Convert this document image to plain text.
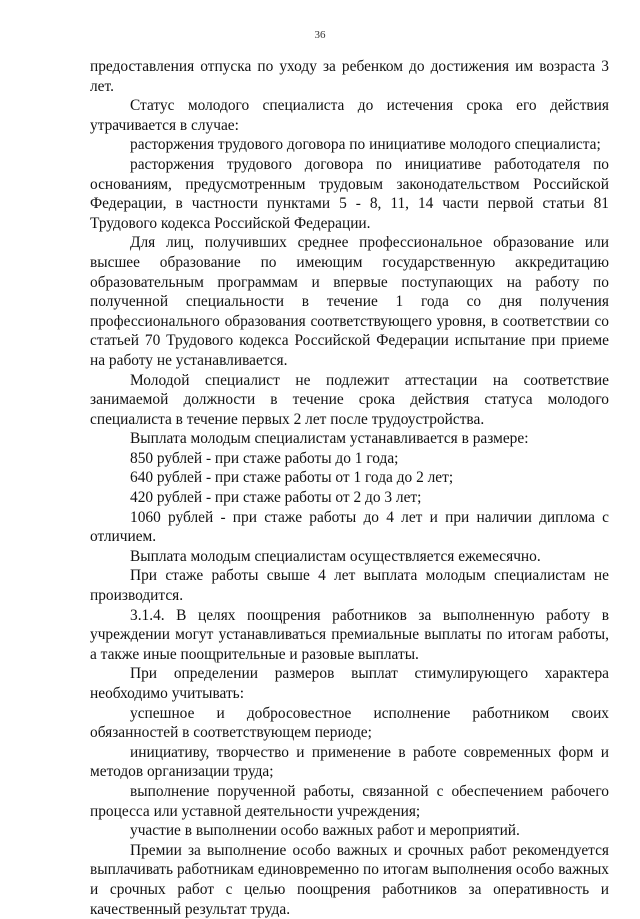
36

предоставления отпуска по уходу за ребенком до достижения им возраста 3 лет.

Статус молодого специалиста до истечения срока его действия утрачивается в случае:

расторжения трудового договора по инициативе молодого специалиста;

расторжения трудового договора по инициативе работодателя по основаниям, предусмотренным трудовым законодательством Российской Федерации, в частности пунктами 5 - 8, 11, 14 части первой статьи 81 Трудового кодекса Российской Федерации.

Для лиц, получивших среднее профессиональное образование или высшее образование по имеющим государственную аккредитацию образовательным программам и впервые поступающих на работу по полученной специальности в течение 1 года со дня получения профессионального образования соответствующего уровня, в соответствии со статьей 70 Трудового кодекса Российской Федерации испытание при приеме на работу не устанавливается.

Молодой специалист не подлежит аттестации на соответствие занимаемой должности в течение срока действия статуса молодого специалиста в течение первых 2 лет после трудоустройства.

Выплата молодым специалистам устанавливается в размере:

850 рублей - при стаже работы до 1 года;

640 рублей - при стаже работы от 1 года до 2 лет;

420 рублей - при стаже работы от 2 до 3 лет;

1060 рублей - при стаже работы до 4 лет и при наличии диплома с отличием.

Выплата молодым специалистам осуществляется ежемесячно.

При стаже работы свыше 4 лет выплата молодым специалистам не производится.

3.1.4. В целях поощрения работников за выполненную работу в учреждении могут устанавливаться премиальные выплаты по итогам работы, а также иные поощрительные и разовые выплаты.

При определении размеров выплат стимулирующего характера необходимо учитывать:

успешное и добросовестное исполнение работником своих обязанностей в соответствующем периоде;

инициативу, творчество и применение в работе современных форм и методов организации труда;

выполнение порученной работы, связанной с обеспечением рабочего процесса или уставной деятельности учреждения;

участие в выполнении особо важных работ и мероприятий.

Премии за выполнение особо важных и срочных работ рекомендуется выплачивать работникам единовременно по итогам выполнения особо важных и срочных работ с целью поощрения работников за оперативность и качественный результат труда.
